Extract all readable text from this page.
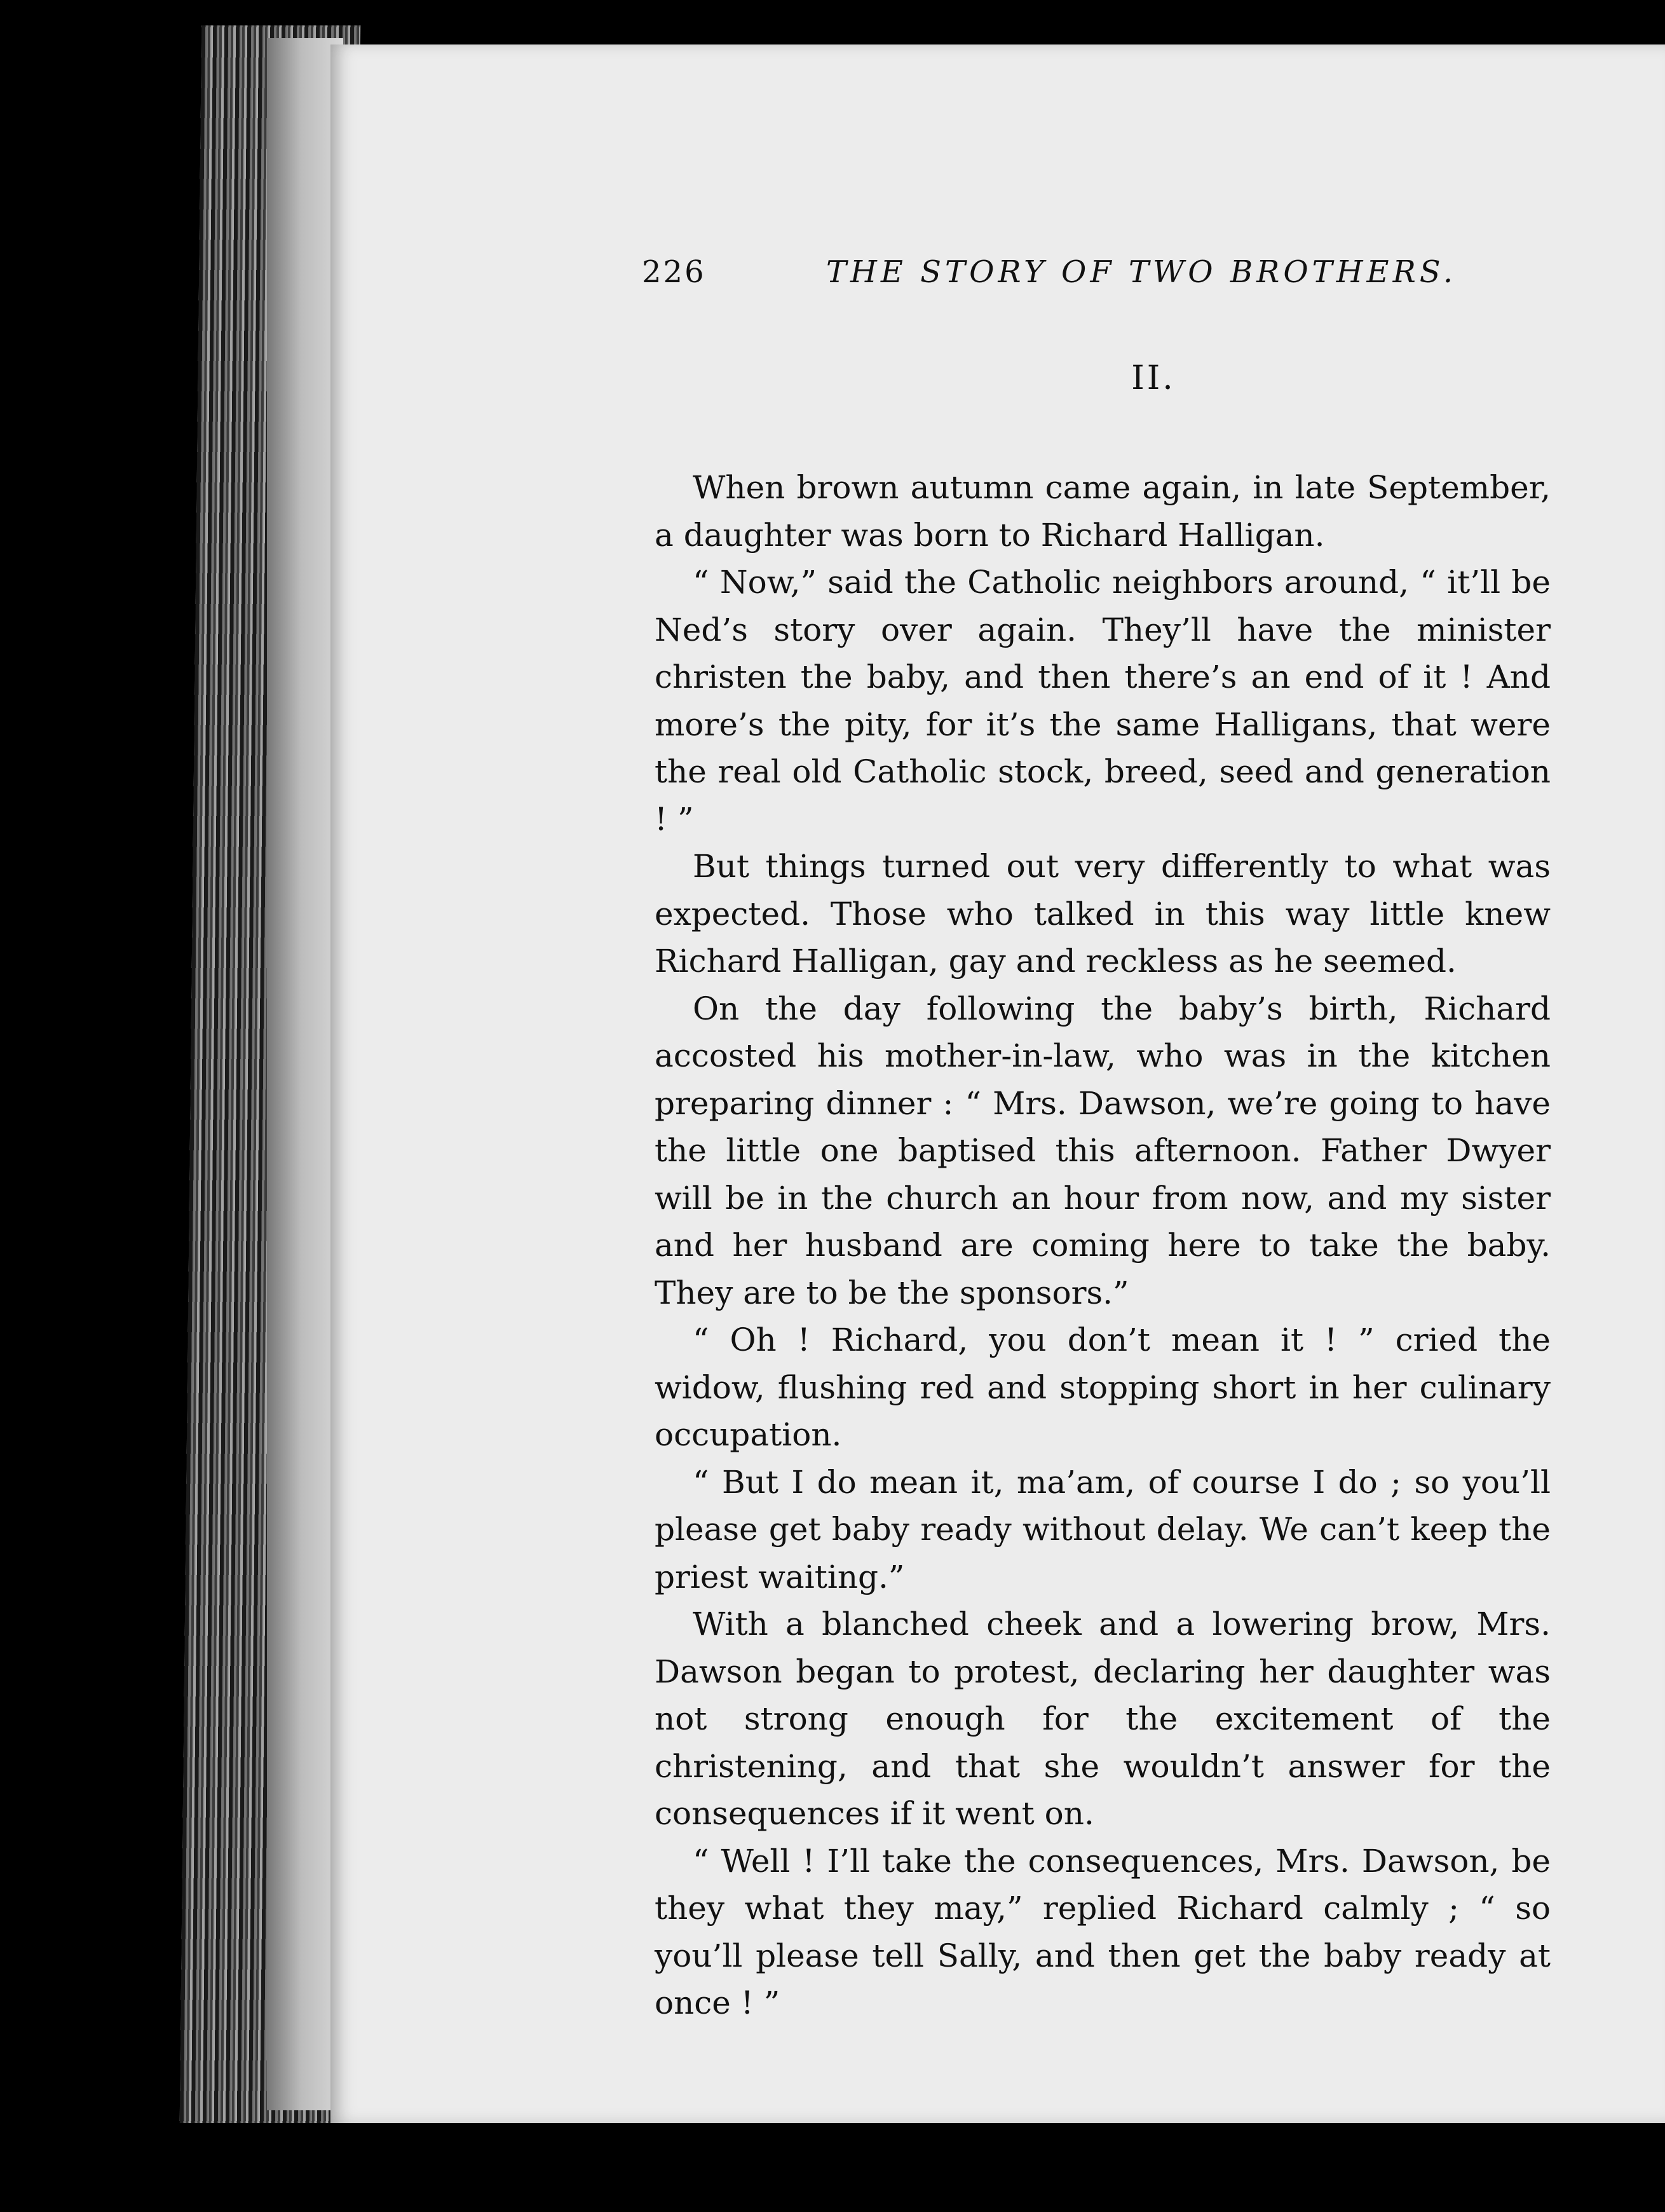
226	THE STORY OF TWO BROTHERS.
II.

When brown autumn came again, in late September, a daughter was born to Richard Halligan.

“ Now,” said the Catholic neighbors around, “ it’ll be Ned’s story over again. They’ll have the minister christen the baby, and then there’s an end of it ! And more’s the pity, for it’s the same Halligans, that were the real old Catholic stock, breed, seed and generation ! ”

But things turned out very differently to what was expected. Those who talked in this way little knew Richard Halligan, gay and reckless as he seemed.

On the day following the baby’s birth, Richard accosted his mother-in-law, who was in the kitchen preparing dinner : “ Mrs. Dawson, we’re going to have the little one baptised this afternoon. Father Dwyer will be in the church an hour from now, and my sister and her husband are coming here to take the baby. They are to be the sponsors.”

“ Oh ! Richard, you don’t mean it ! ” cried the widow, flushing red and stopping short in her culinary occupation.

“ But I do mean it, ma’am, of course I do ; so you’ll please get baby ready without delay. We can’t keep the priest waiting.”

With a blanched cheek and a lowering brow, Mrs. Dawson began to protest, declaring her daughter was not strong enough for the excitement of the christening, and that she wouldn’t answer for the consequences if it went on.

“ Well ! I’ll take the consequences, Mrs. Dawson, be they what they may,” replied Richard calmly ; “ so you’ll please tell Sally, and then get the baby ready at once ! ”
